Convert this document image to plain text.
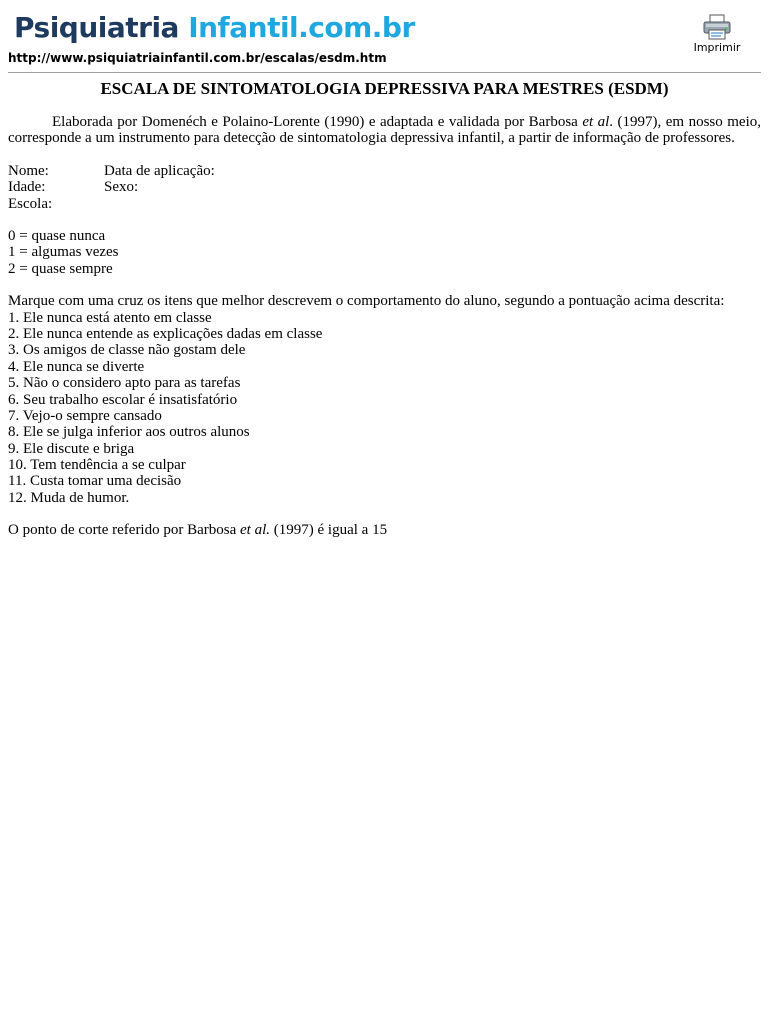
Psiquiatria Infantil.com.br
http://www.psiquiatriainfantil.com.br/escalas/esdm.htm
Imprimir
ESCALA DE SINTOMATOLOGIA DEPRESSIVA PARA MESTRES (ESDM)
Elaborada por Domenéch e Polaino-Lorente (1990) e adaptada e validada por Barbosa et al. (1997), em nosso meio, corresponde a um instrumento para detecção de sintomatologia depressiva infantil, a partir de informação de professores.
Nome:	Data de aplicação:
Idade:	Sexo:
Escola:
0 = quase nunca
1 = algumas vezes
2 = quase sempre
Marque com uma cruz os itens que melhor descrevem o comportamento do aluno, segundo a pontuação acima descrita:
1. Ele nunca está atento em classe
2. Ele nunca entende as explicações dadas em classe
3. Os amigos de classe não gostam dele
4. Ele nunca se diverte
5. Não o considero apto para as tarefas
6. Seu trabalho escolar é insatisfatório
7. Vejo-o sempre cansado
8. Ele se julga inferior aos outros alunos
9. Ele discute e briga
10. Tem tendência a se culpar
11. Custa tomar uma decisão
12. Muda de humor.
O ponto de corte referido por Barbosa et al. (1997) é igual a 15
